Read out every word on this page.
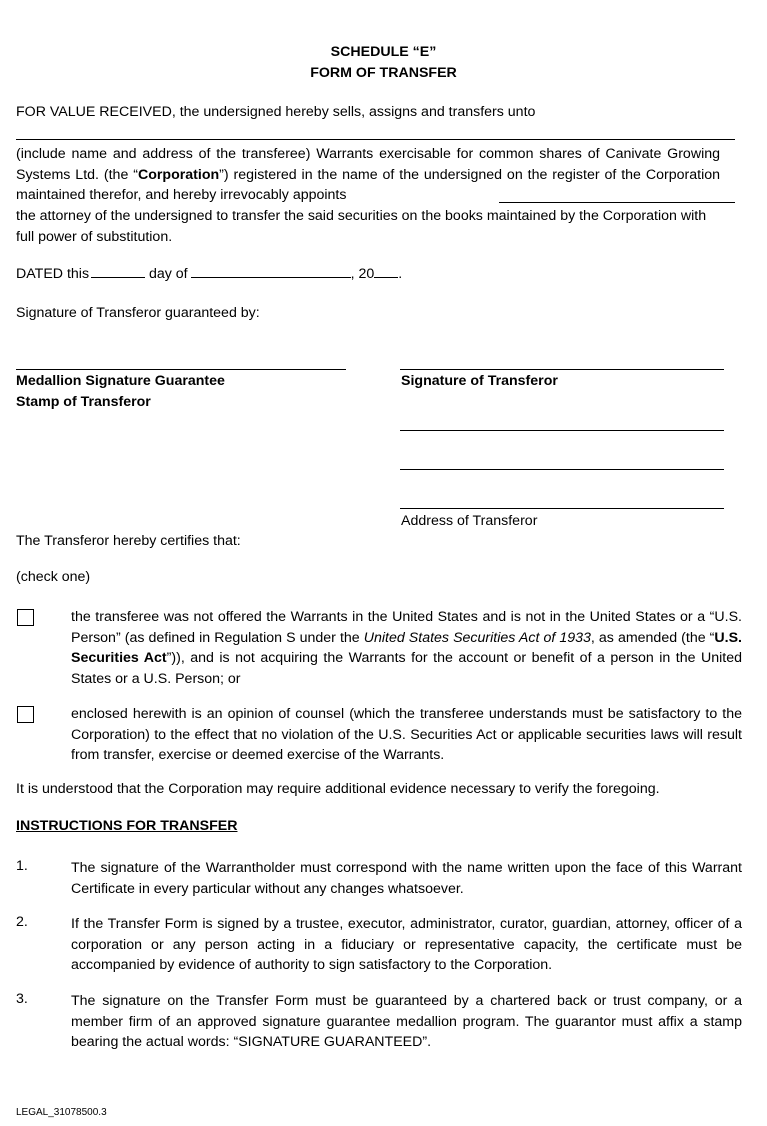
SCHEDULE “E”
FORM OF TRANSFER
FOR VALUE RECEIVED, the undersigned hereby sells, assigns and transfers unto
(include name and address of the transferee) Warrants exercisable for common shares of Canivate Growing Systems Ltd. (the “Corporation”) registered in the name of the undersigned on the register of the Corporation maintained therefor, and hereby irrevocably appoints
the attorney of the undersigned to transfer the said securities on the books maintained by the Corporation with full power of substitution.
DATED this	day of	, 20 .
Signature of Transferor guaranteed by:
Medallion Signature Guarantee
Stamp of Transferor
Signature of Transferor
Address of Transferor
The Transferor hereby certifies that:
(check one)
the transferee was not offered the Warrants in the United States and is not in the United States or a “U.S. Person” (as defined in Regulation S under the United States Securities Act of 1933, as amended (the “U.S. Securities Act”)), and is not acquiring the Warrants for the account or benefit of a person in the United States or a U.S. Person; or
enclosed herewith is an opinion of counsel (which the transferee understands must be satisfactory to the Corporation) to the effect that no violation of the U.S. Securities Act or applicable securities laws will result from transfer, exercise or deemed exercise of the Warrants.
It is understood that the Corporation may require additional evidence necessary to verify the foregoing.
INSTRUCTIONS FOR TRANSFER
1.	The signature of the Warrantholder must correspond with the name written upon the face of this Warrant Certificate in every particular without any changes whatsoever.
2.	If the Transfer Form is signed by a trustee, executor, administrator, curator, guardian, attorney, officer of a corporation or any person acting in a fiduciary or representative capacity, the certificate must be accompanied by evidence of authority to sign satisfactory to the Corporation.
3.	The signature on the Transfer Form must be guaranteed by a chartered back or trust company, or a member firm of an approved signature guarantee medallion program. The guarantor must affix a stamp bearing the actual words: “SIGNATURE GUARANTEED”.
LEGAL_31078500.3
